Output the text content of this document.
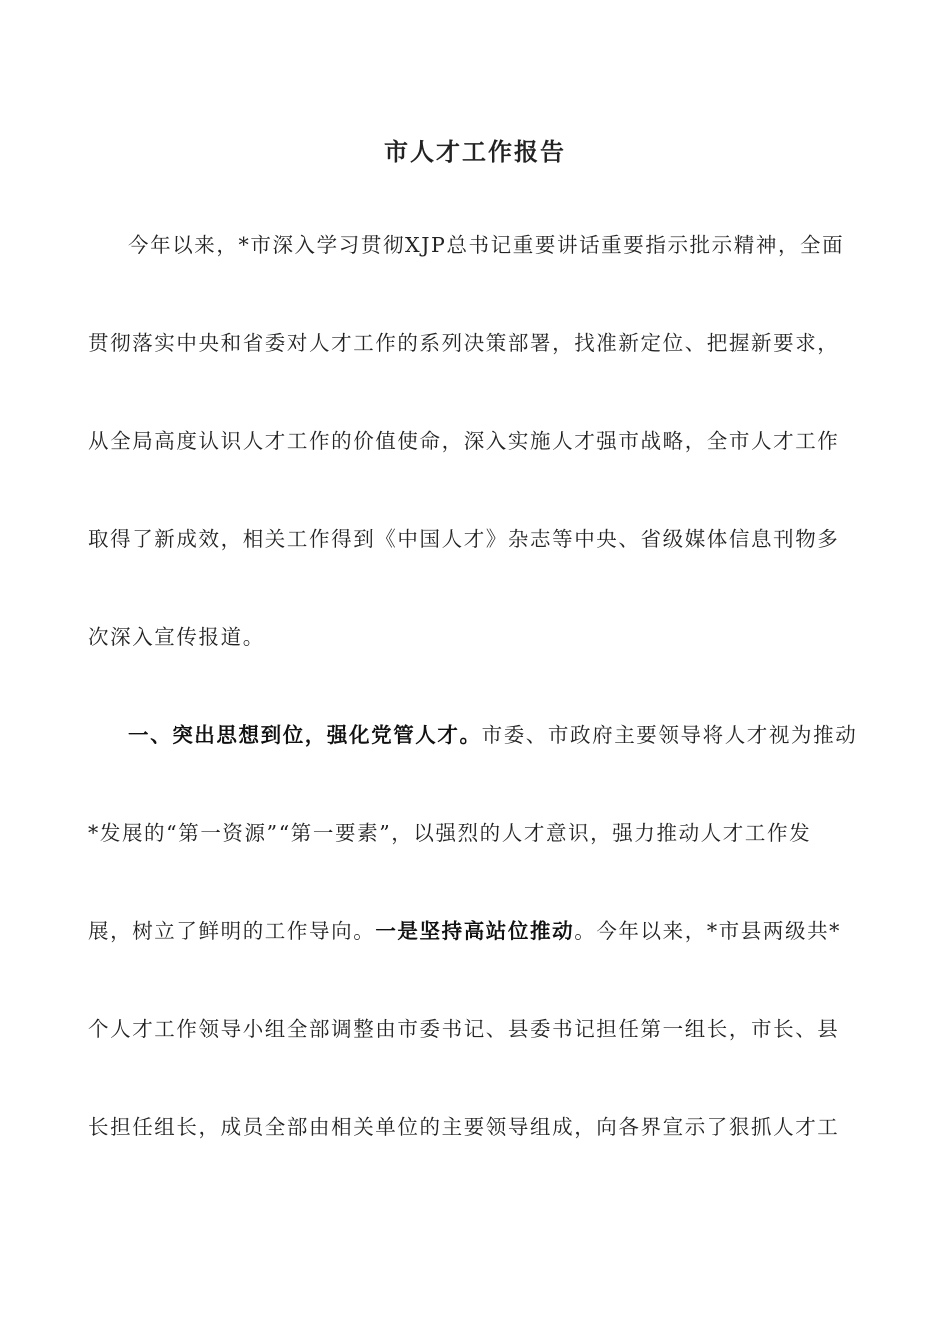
市人才工作报告
今年以来，*市深入学习贯彻XJP总书记重要讲话重要指示批示精神，全面
贯彻落实中央和省委对人才工作的系列决策部署，找准新定位、把握新要求，
从全局高度认识人才工作的价值使命，深入实施人才强市战略，全市人才工作
取得了新成效，相关工作得到《中国人才》杂志等中央、省级媒体信息刊物多
次深入宣传报道。
一、突出思想到位，强化党管人才。市委、市政府主要领导将人才视为推动
*发展的“第一资源”“第一要素”，以强烈的人才意识，强力推动人才工作发
展，树立了鲜明的工作导向。一是坚持高站位推动。今年以来，*市县两级共*
个人才工作领导小组全部调整由市委书记、县委书记担任第一组长，市长、县
长担任组长，成员全部由相关单位的主要领导组成，向各界宣示了狠抓人才工
